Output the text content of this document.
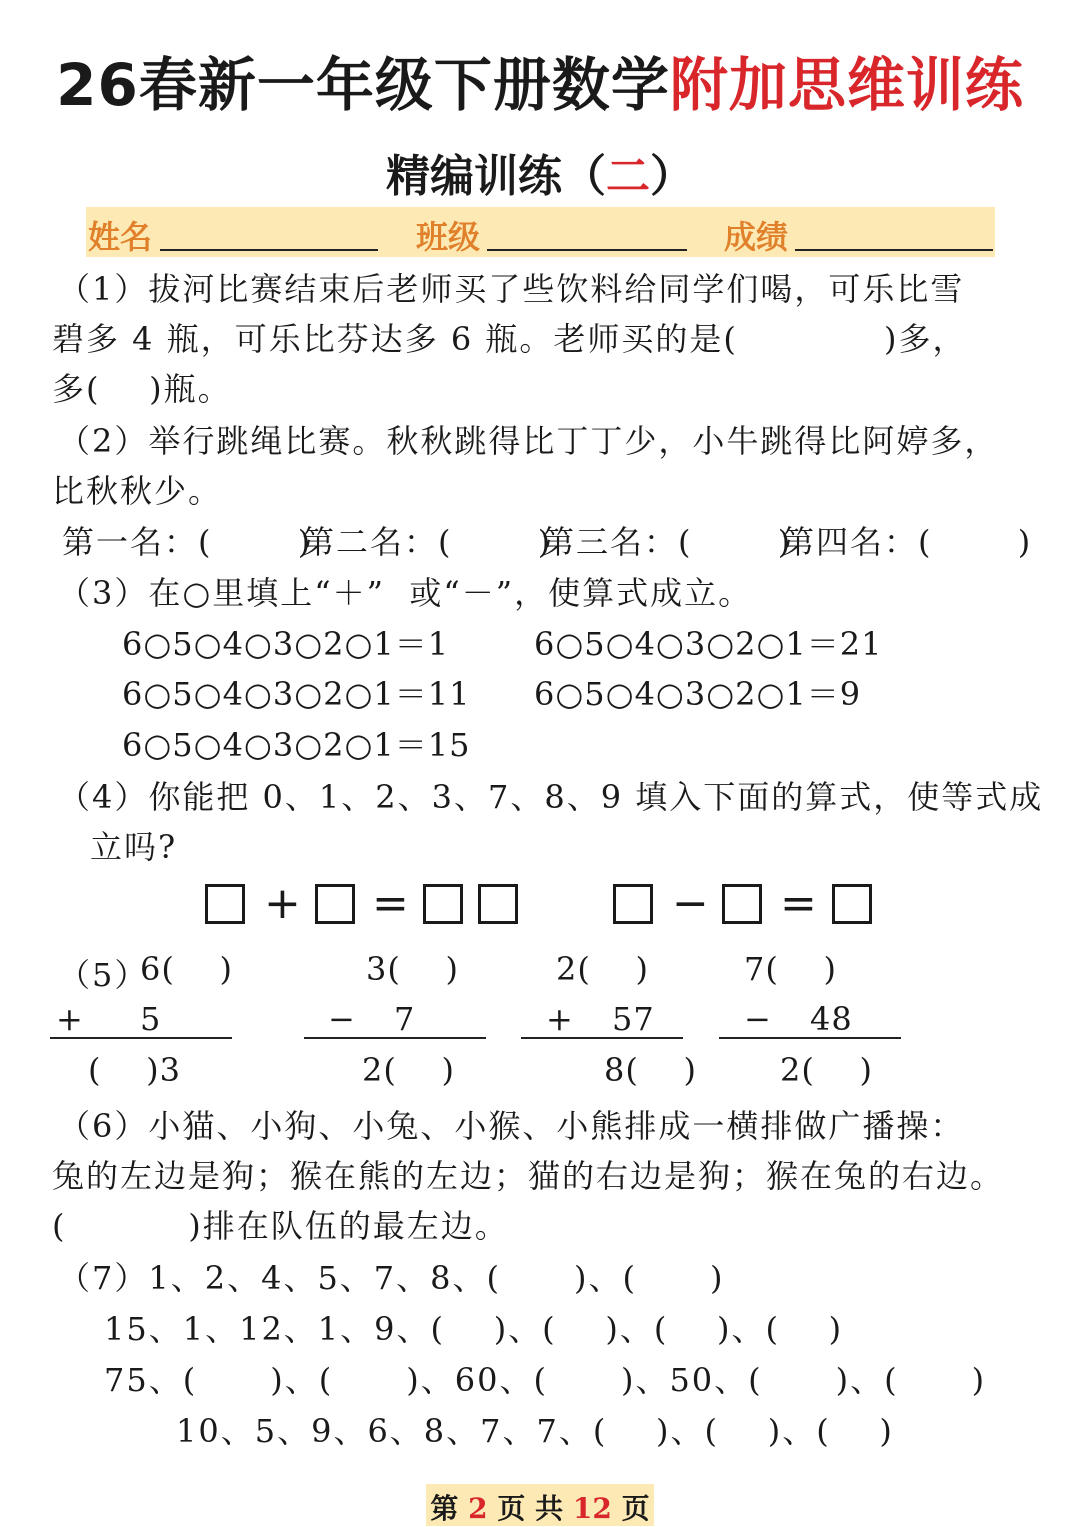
26春新一年级下册数学附加思维训练
精编训练（二）
姓名	班级	成绩
（1）拔河比赛结束后老师买了些饮料给同学们喝，可乐比雪
碧多 4 瓶，可乐比芬达多 6 瓶。老师买的是(            )多，
多(    )瓶。
（2）举行跳绳比赛。秋秋跳得比丁丁少，小牛跳得比阿婷多，
比秋秋少。
第一名：(       )
第二名：(       )
第三名：(       )
第四名：(       )
（3）在○里填上“＋”  或“－”，使算式成立。
6○5○4○3○2○1＝1	6○5○4○3○2○1＝21
6○5○4○3○2○1＝11 6○5○4○3○2○1＝9
6○5○4○3○2○1＝15
（4）你能把 0、1、2、3、7、8、9 填入下面的算式，使等式成
立吗?
+ =	− =
（5）
6(    )
+ 5
(    )3
3(    )
− 7
2(    )
2(    )
+ 57
8(    )
7(    )
− 48
2(    )
（6）小猫、小狗、小兔、小猴、小熊排成一横排做广播操：
兔的左边是狗；猴在熊的左边；猫的右边是狗；猴在兔的右边。
(          )排在队伍的最左边。
（7）1、2、4、5、7、8、(      )、(      )
15、1、12、1、9、(    )、(    )、(    )、(    )
75、(      )、(      )、60、(      )、50、(      )、(      )
10、5、9、6、8、7、7、(    )、(    )、(    )
第 2 页 共 12 页
